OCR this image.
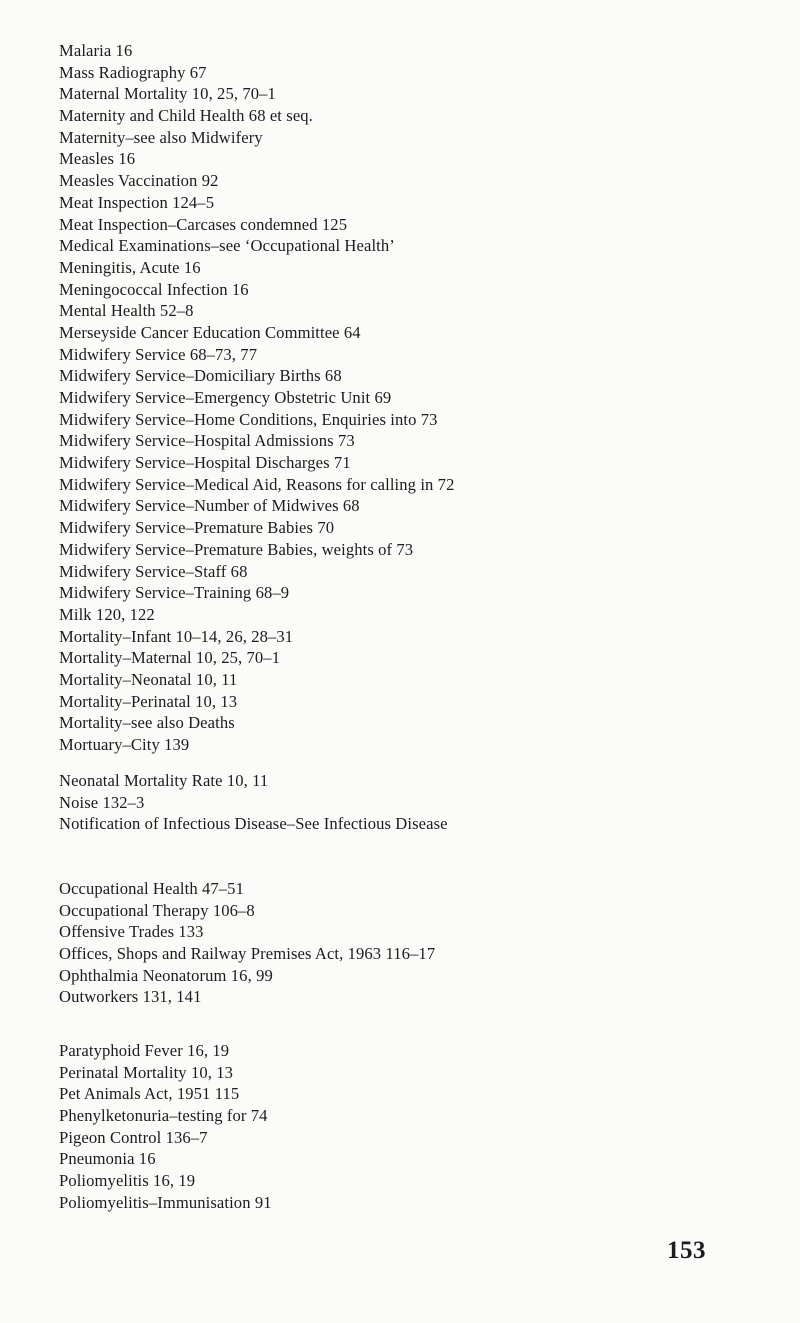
Malaria 16
Mass Radiography 67
Maternal Mortality 10, 25, 70–1
Maternity and Child Health 68 et seq.
Maternity–see also Midwifery
Measles 16
Measles Vaccination 92
Meat Inspection 124–5
Meat Inspection–Carcases condemned 125
Medical Examinations–see ‘Occupational Health’
Meningitis, Acute 16
Meningococcal Infection 16
Mental Health 52–8
Merseyside Cancer Education Committee 64
Midwifery Service 68–73, 77
Midwifery Service–Domiciliary Births 68
Midwifery Service–Emergency Obstetric Unit 69
Midwifery Service–Home Conditions, Enquiries into 73
Midwifery Service–Hospital Admissions 73
Midwifery Service–Hospital Discharges 71
Midwifery Service–Medical Aid, Reasons for calling in 72
Midwifery Service–Number of Midwives 68
Midwifery Service–Premature Babies 70
Midwifery Service–Premature Babies, weights of 73
Midwifery Service–Staff 68
Midwifery Service–Training 68–9
Milk 120, 122
Mortality–Infant 10–14, 26, 28–31
Mortality–Maternal 10, 25, 70–1
Mortality–Neonatal 10, 11
Mortality–Perinatal 10, 13
Mortality–see also Deaths
Mortuary–City 139
Neonatal Mortality Rate 10, 11
Noise 132–3
Notification of Infectious Disease–See Infectious Disease
Occupational Health 47–51
Occupational Therapy 106–8
Offensive Trades 133
Offices, Shops and Railway Premises Act, 1963 116–17
Ophthalmia Neonatorum 16, 99
Outworkers 131, 141
Paratyphoid Fever 16, 19
Perinatal Mortality 10, 13
Pet Animals Act, 1951 115
Phenylketonuria–testing for 74
Pigeon Control 136–7
Pneumonia 16
Poliomyelitis 16, 19
Poliomyelitis–Immunisation 91
153
